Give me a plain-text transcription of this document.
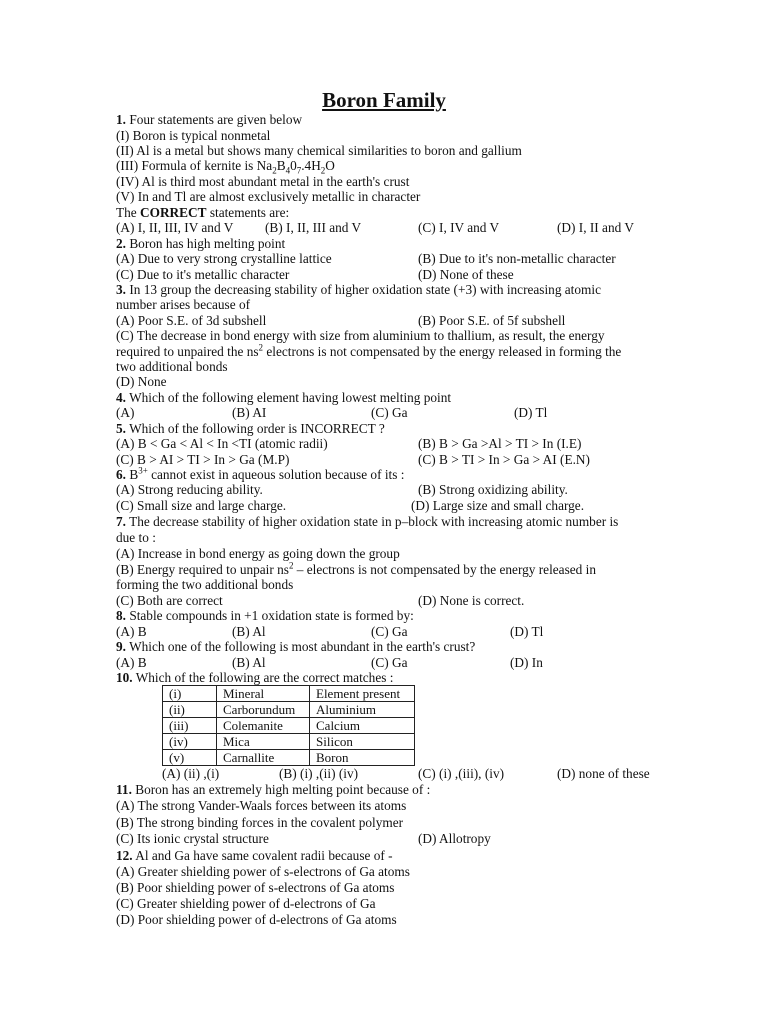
Boron Family
1. Four statements are given below
(I) Boron is typical nonmetal
(II) Al is a metal but shows many chemical similarities to boron and gallium
(III) Formula of kernite is $Na_2B_40_7.4H_2O$
(IV) Al is third most abundant metal in the earth's crust
(V) In and Tl are almost exclusively metallic in character
The CORRECT statements are:
(A) I, II, III, IV and V (B) I, II, III and V	(C) I, IV and V	(D) I, II and V
2. Boron has high melting point
(A) Due to very strong crystalline lattice	(B) Due to it's non-metallic character
(C) Due to it's metallic character	(D) None of these
3. In 13 group the decreasing stability of higher oxidation state (+3) with increasing atomic
number arises because of
(A) Poor S.E. of 3d subshell	(B) Poor S.E. of 5f subshell
(C) The decrease in bond energy with size from aluminium to thallium, as result, the energy
required to unpaired the $ns^2$ electrons is not compensated by the energy released in forming the
two additional bonds
(D) None
4. Which of the following element having lowest melting point
(A)	(B) AI	(C) Ga	(D) Tl
5. Which of the following order is INCORRECT ?
(A) B < Ga < Al < In <TI (atomic radii)	(B) B > Ga >Al > TI > In (I.E)
(C) B > AI > TI > In > Ga (M.P)	(C) B > TI > In > Ga > AI (E.N)
6. $B^{3+}$ cannot exist in aqueous solution because of its :
(A) Strong reducing ability.	(B) Strong oxidizing ability.
(C) Small size and large charge.	(D) Large size and small charge.
7. The decrease stability of higher oxidation state in p–block with increasing atomic number is
due to :
(A) Increase in bond energy as going down the group
(B) Energy required to unpair $ns^2$ – electrons is not compensated by the energy released in
forming the two additional bonds
(C) Both are correct	(D) None is correct.
8. Stable compounds in +1 oxidation state is formed by:
(A) B	(B) Al	(C) Ga	(D) Tl
9. Which one of the following is most abundant in the earth's crust?
(A) B	(B) Al	(C) Ga	(D) In
10. Which of the following are the correct matches :
(i)	Mineral	Element present
(ii)	Carborundum	Aluminium
(iii)	Colemanite	Calcium
(iv)	Mica	Silicon
(v)	Carnallite	Boron
(A) (ii) ,(i)	(B) (i) ,(ii) (iv)	(C) (i) ,(iii), (iv)	(D) none of these
11. Boron has an extremely high melting point because of :
(A) The strong Vander-Waals forces between its atoms
(B) The strong binding forces in the covalent polymer
(C) Its ionic crystal structure	(D) Allotropy
12. Al and Ga have same covalent radii because of -
(A) Greater shielding power of s-electrons of Ga atoms
(B) Poor shielding power of s-electrons of Ga atoms
(C) Greater shielding power of d-electrons of Ga
(D) Poor shielding power of d-electrons of Ga atoms
